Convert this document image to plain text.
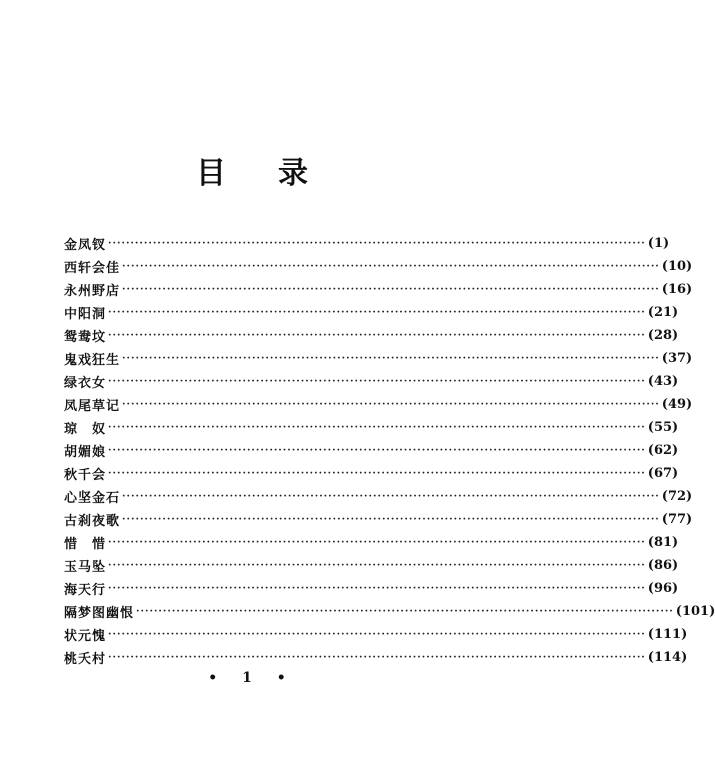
目 录
金凤钗 ························································································································ ( 1 )
西轩会佳 ························································································································ ( 10 )
永州野店 ························································································································ ( 16 )
中阳洞 ························································································································ ( 21 )
鸳鸯坟 ························································································································ ( 28 )
鬼戏狂生 ························································································································ ( 37 )
绿衣女 ························································································································ ( 43 )
凤尾草记 ························································································································ ( 49 )
琼　奴 ························································································································ ( 55 )
胡媚娘 ························································································································ ( 62 )
秋千会 ························································································································ ( 67 )
心坚金石 ························································································································ ( 72 )
古刹夜歌 ························································································································ ( 77 )
惜　惜 ························································································································ ( 81 )
玉马坠 ························································································································ ( 86 )
海天行 ························································································································ ( 96 )
隔梦图幽恨 ························································································································ ( 101 )
状元愧 ························································································································ ( 111 )
桃夭村 ························································································································ ( 114 )
• 1 •
